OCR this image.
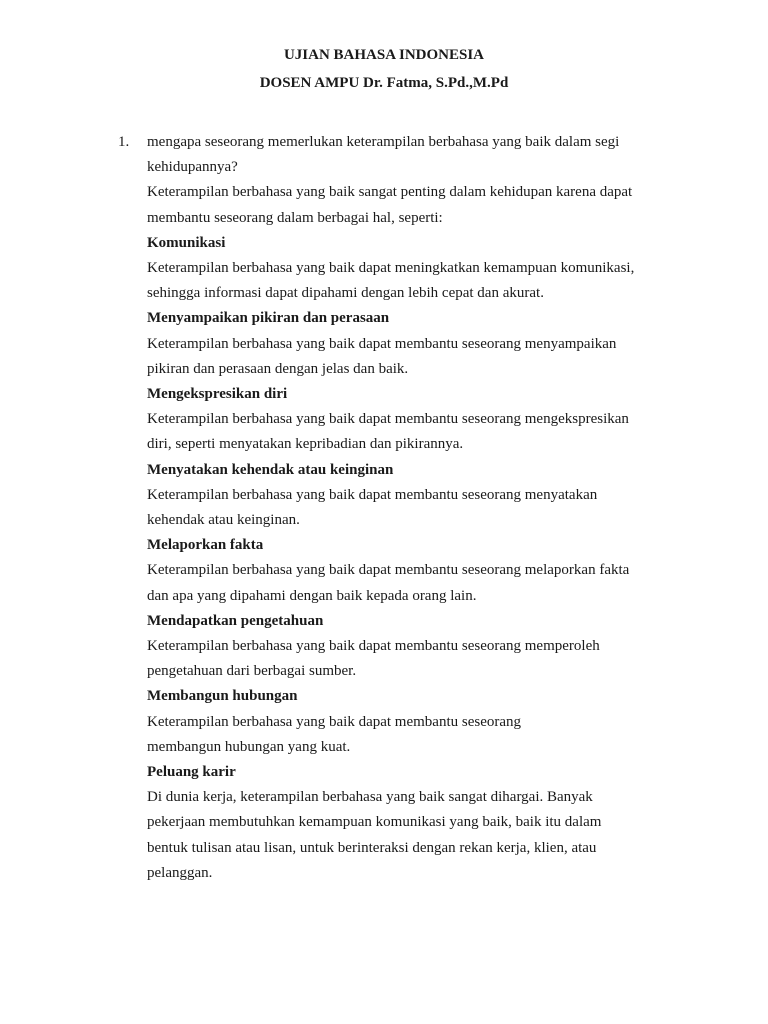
UJIAN BAHASA INDONESIA
DOSEN AMPU Dr. Fatma, S.Pd.,M.Pd
1. mengapa seseorang memerlukan keterampilan berbahasa yang baik dalam segi

kehidupannya?

Keterampilan berbahasa yang baik sangat penting dalam kehidupan karena dapat

membantu seseorang dalam berbagai hal, seperti:

Komunikasi

Keterampilan berbahasa yang baik dapat meningkatkan kemampuan komunikasi,

sehingga informasi dapat dipahami dengan lebih cepat dan akurat.

Menyampaikan pikiran dan perasaan

Keterampilan berbahasa yang baik dapat membantu seseorang menyampaikan

pikiran dan perasaan dengan jelas dan baik.

Mengekspresikan diri

Keterampilan berbahasa yang baik dapat membantu seseorang mengekspresikan

diri, seperti menyatakan kepribadian dan pikirannya.

Menyatakan kehendak atau keinginan

Keterampilan berbahasa yang baik dapat membantu seseorang menyatakan

kehendak atau keinginan.

Melaporkan fakta

Keterampilan berbahasa yang baik dapat membantu seseorang melaporkan fakta

dan apa yang dipahami dengan baik kepada orang lain.

Mendapatkan pengetahuan

Keterampilan berbahasa yang baik dapat membantu seseorang memperoleh

pengetahuan dari berbagai sumber.

Membangun hubungan

Keterampilan berbahasa yang baik dapat membantu seseorang

membangun hubungan yang kuat.

Peluang karir

Di dunia kerja, keterampilan berbahasa yang baik sangat dihargai. Banyak

pekerjaan membutuhkan kemampuan komunikasi yang baik, baik itu dalam

bentuk tulisan atau lisan, untuk berinteraksi dengan rekan kerja, klien, atau

pelanggan.
